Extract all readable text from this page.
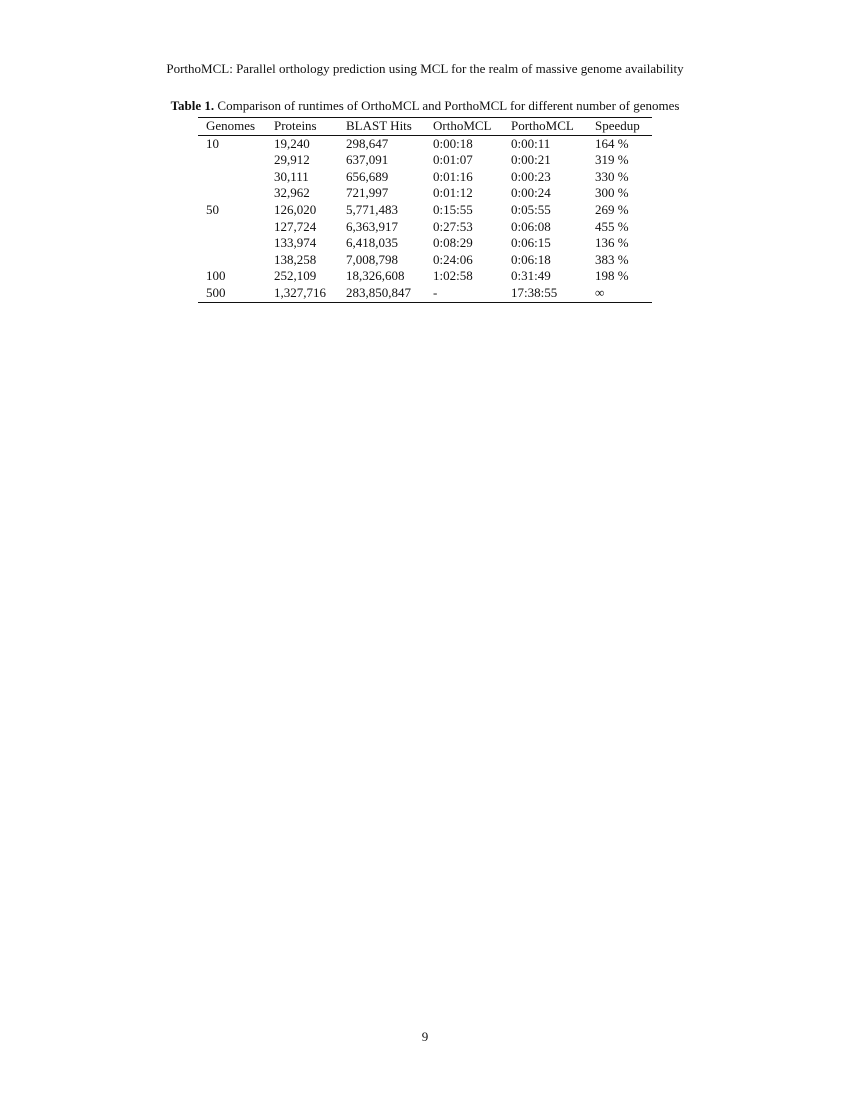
PorthoMCL: Parallel orthology prediction using MCL for the realm of massive genome availability
Table 1. Comparison of runtimes of OrthoMCL and PorthoMCL for different number of genomes
Genomes	Proteins	BLAST Hits	OrthoMCL	PorthoMCL	Speedup
10	19,240	298,647	0:00:18	0:00:11	164 %
	29,912	637,091	0:01:07	0:00:21	319 %
	30,111	656,689	0:01:16	0:00:23	330 %
	32,962	721,997	0:01:12	0:00:24	300 %
50	126,020	5,771,483	0:15:55	0:05:55	269 %
	127,724	6,363,917	0:27:53	0:06:08	455 %
	133,974	6,418,035	0:08:29	0:06:15	136 %
	138,258	7,008,798	0:24:06	0:06:18	383 %
100	252,109	18,326,608	1:02:58	0:31:49	198 %
500	1,327,716	283,850,847	-	17:38:55	∞
9
